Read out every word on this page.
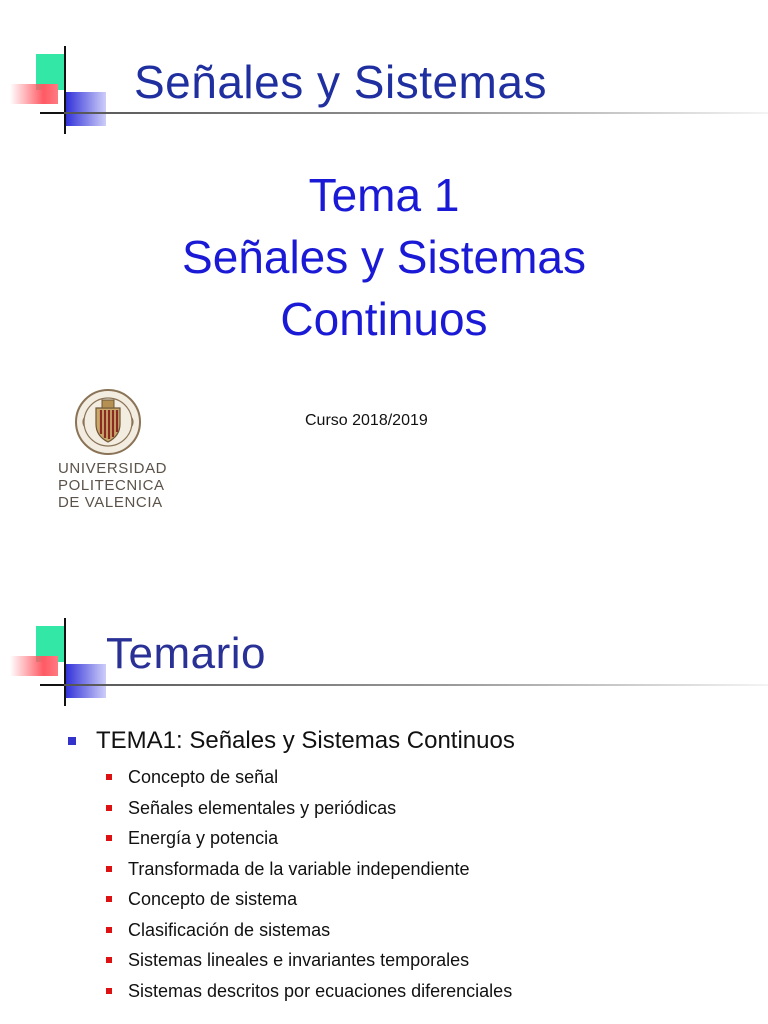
Señales y Sistemas
Tema 1
Señales y Sistemas
Continuos
UNIVERSIDAD
POLITECNICA
DE VALENCIA
Curso 2018/2019
Temario
TEMA1: Señales y Sistemas Continuos
Concepto de señal
Señales elementales y periódicas
Energía y potencia
Transformada de la variable independiente
Concepto de sistema
Clasificación de sistemas
Sistemas lineales e invariantes temporales
Sistemas descritos por ecuaciones diferenciales
